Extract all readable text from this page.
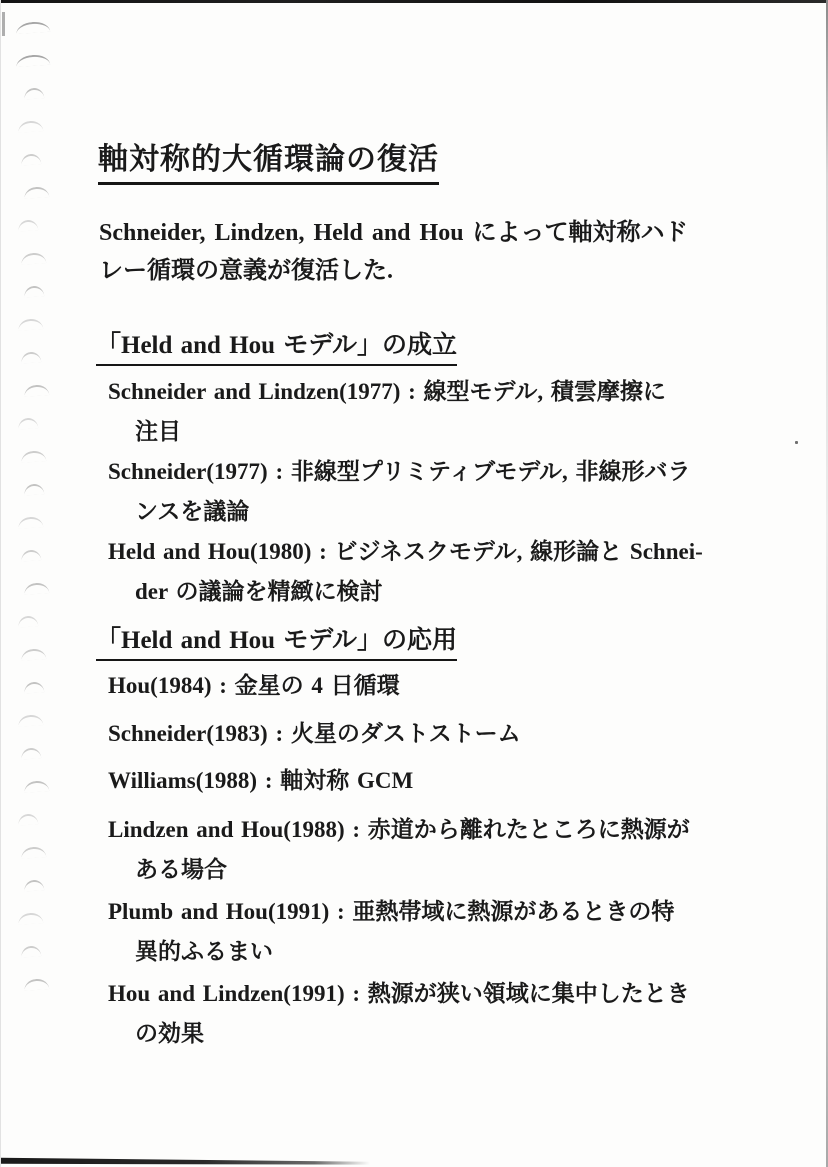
軸対称的大循環論の復活
Schneider, Lindzen, Held and Hou によって軸対称ハド
レー循環の意義が復活した.
「Held and Hou モデル」の成立
Schneider and Lindzen(1977) : 線型モデル, 積雲摩擦に
注目
Schneider(1977) : 非線型プリミティブモデル, 非線形バラ
ンスを議論
Held and Hou(1980) : ビジネスクモデル, 線形論と Schnei-
der の議論を精緻に検討
「Held and Hou モデル」の応用
Hou(1984) : 金星の 4 日循環
Schneider(1983) : 火星のダストストーム
Williams(1988) : 軸対称 GCM
Lindzen and Hou(1988) : 赤道から離れたところに熱源が
ある場合
Plumb and Hou(1991) : 亜熱帯域に熱源があるときの特
異的ふるまい
Hou and Lindzen(1991) : 熱源が狭い領域に集中したとき
の効果
